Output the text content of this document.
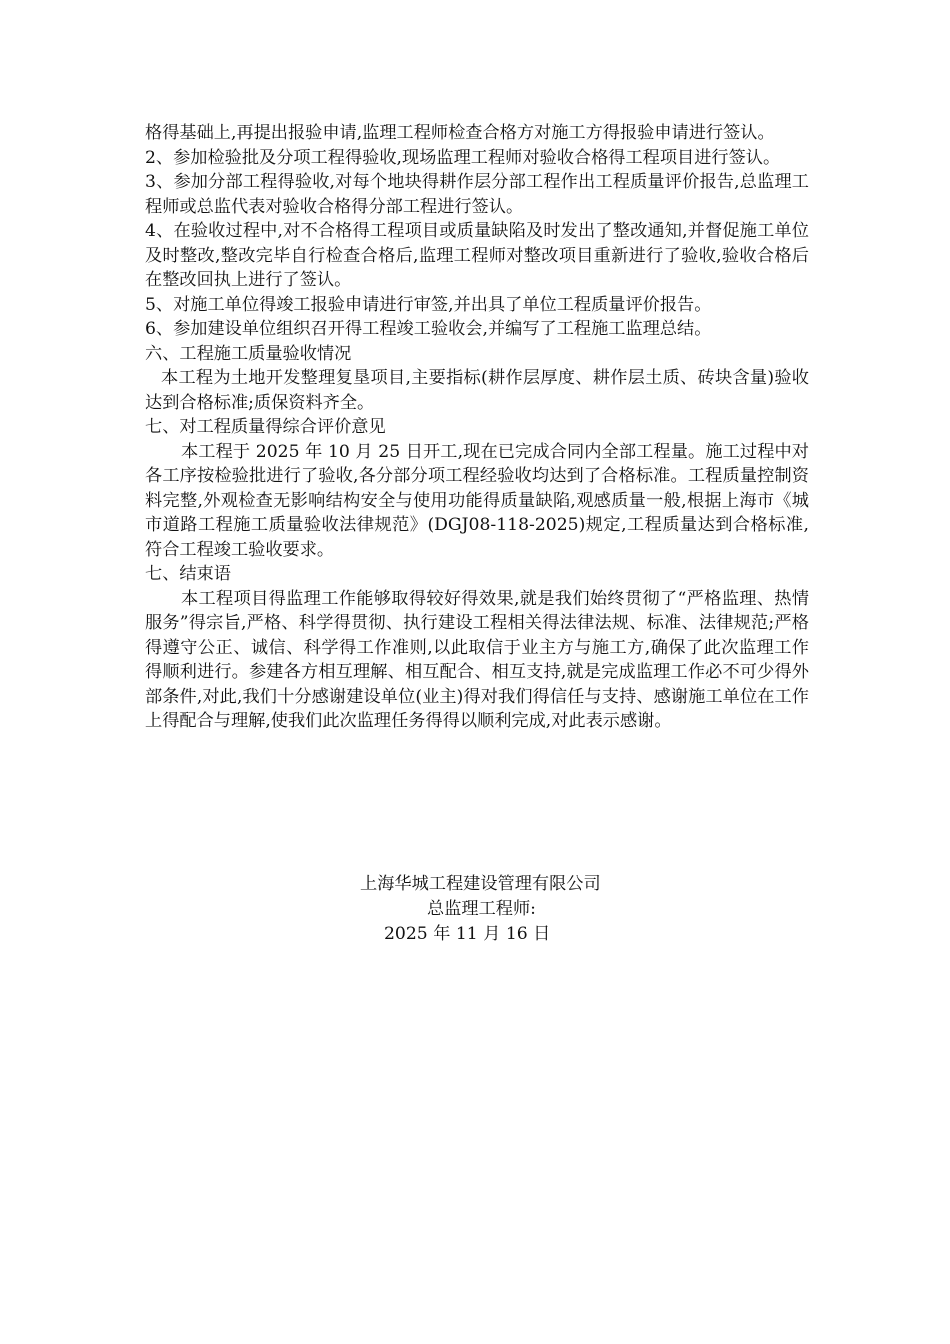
格得基础上,再提出报验申请,监理工程师检查合格方对施工方得报验申请进行签认。

2、参加检验批及分项工程得验收,现场监理工程师对验收合格得工程项目进行签认。

3、参加分部工程得验收,对每个地块得耕作层分部工程作出工程质量评价报告,总监理工程师或总监代表对验收合格得分部工程进行签认。

4、在验收过程中,对不合格得工程项目或质量缺陷及时发出了整改通知,并督促施工单位及时整改,整改完毕自行检查合格后,监理工程师对整改项目重新进行了验收,验收合格后在整改回执上进行了签认。

5、对施工单位得竣工报验申请进行审签,并出具了单位工程质量评价报告。

6、参加建设单位组织召开得工程竣工验收会,并编写了工程施工监理总结。

六、工程施工质量验收情况

本工程为土地开发整理复垦项目,主要指标(耕作层厚度、耕作层土质、砖块含量)验收达到合格标准;质保资料齐全。

七、对工程质量得综合评价意见

本工程于 2025 年 10 月 25 日开工,现在已完成合同内全部工程量。施工过程中对各工序按检验批进行了验收,各分部分项工程经验收均达到了合格标准。工程质量控制资料完整,外观检查无影响结构安全与使用功能得质量缺陷,观感质量一般,根据上海市《城市道路工程施工质量验收法律规范》(DGJ08-118-2025)规定,工程质量达到合格标准,符合工程竣工验收要求。

七、结束语

本工程项目得监理工作能够取得较好得效果,就是我们始终贯彻了“严格监理、热情服务”得宗旨,严格、科学得贯彻、执行建设工程相关得法律法规、标准、法律规范;严格得遵守公正、诚信、科学得工作准则,以此取信于业主方与施工方,确保了此次监理工作得顺利进行。参建各方相互理解、相互配合、相互支持,就是完成监理工作必不可少得外部条件,对此,我们十分感谢建设单位(业主)得对我们得信任与支持、感谢施工单位在工作上得配合与理解,使我们此次监理任务得得以顺利完成,对此表示感谢。

上海华城工程建设管理有限公司
总监理工程师:
2025 年 11 月 16 日
